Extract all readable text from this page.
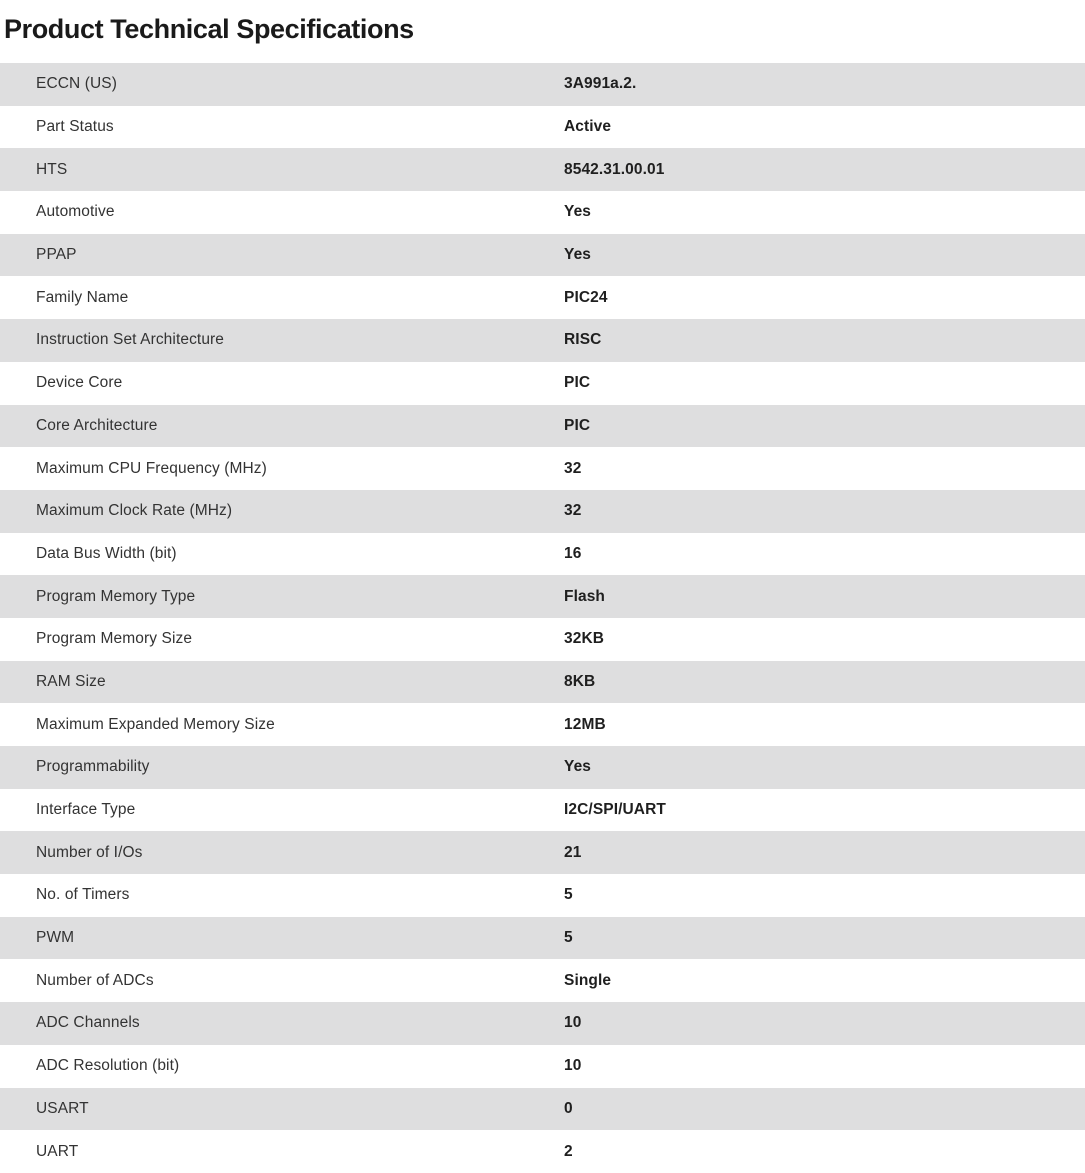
Product Technical Specifications
ECCN (US)	3A991a.2.
Part Status	Active
HTS	8542.31.00.01
Automotive	Yes
PPAP	Yes
Family Name	PIC24
Instruction Set Architecture	RISC
Device Core	PIC
Core Architecture	PIC
Maximum CPU Frequency (MHz)	32
Maximum Clock Rate (MHz)	32
Data Bus Width (bit)	16
Program Memory Type	Flash
Program Memory Size	32KB
RAM Size	8KB
Maximum Expanded Memory Size	12MB
Programmability	Yes
Interface Type	I2C/SPI/UART
Number of I/Os	21
No. of Timers	5
PWM	5
Number of ADCs	Single
ADC Channels	10
ADC Resolution (bit)	10
USART	0
UART	2
